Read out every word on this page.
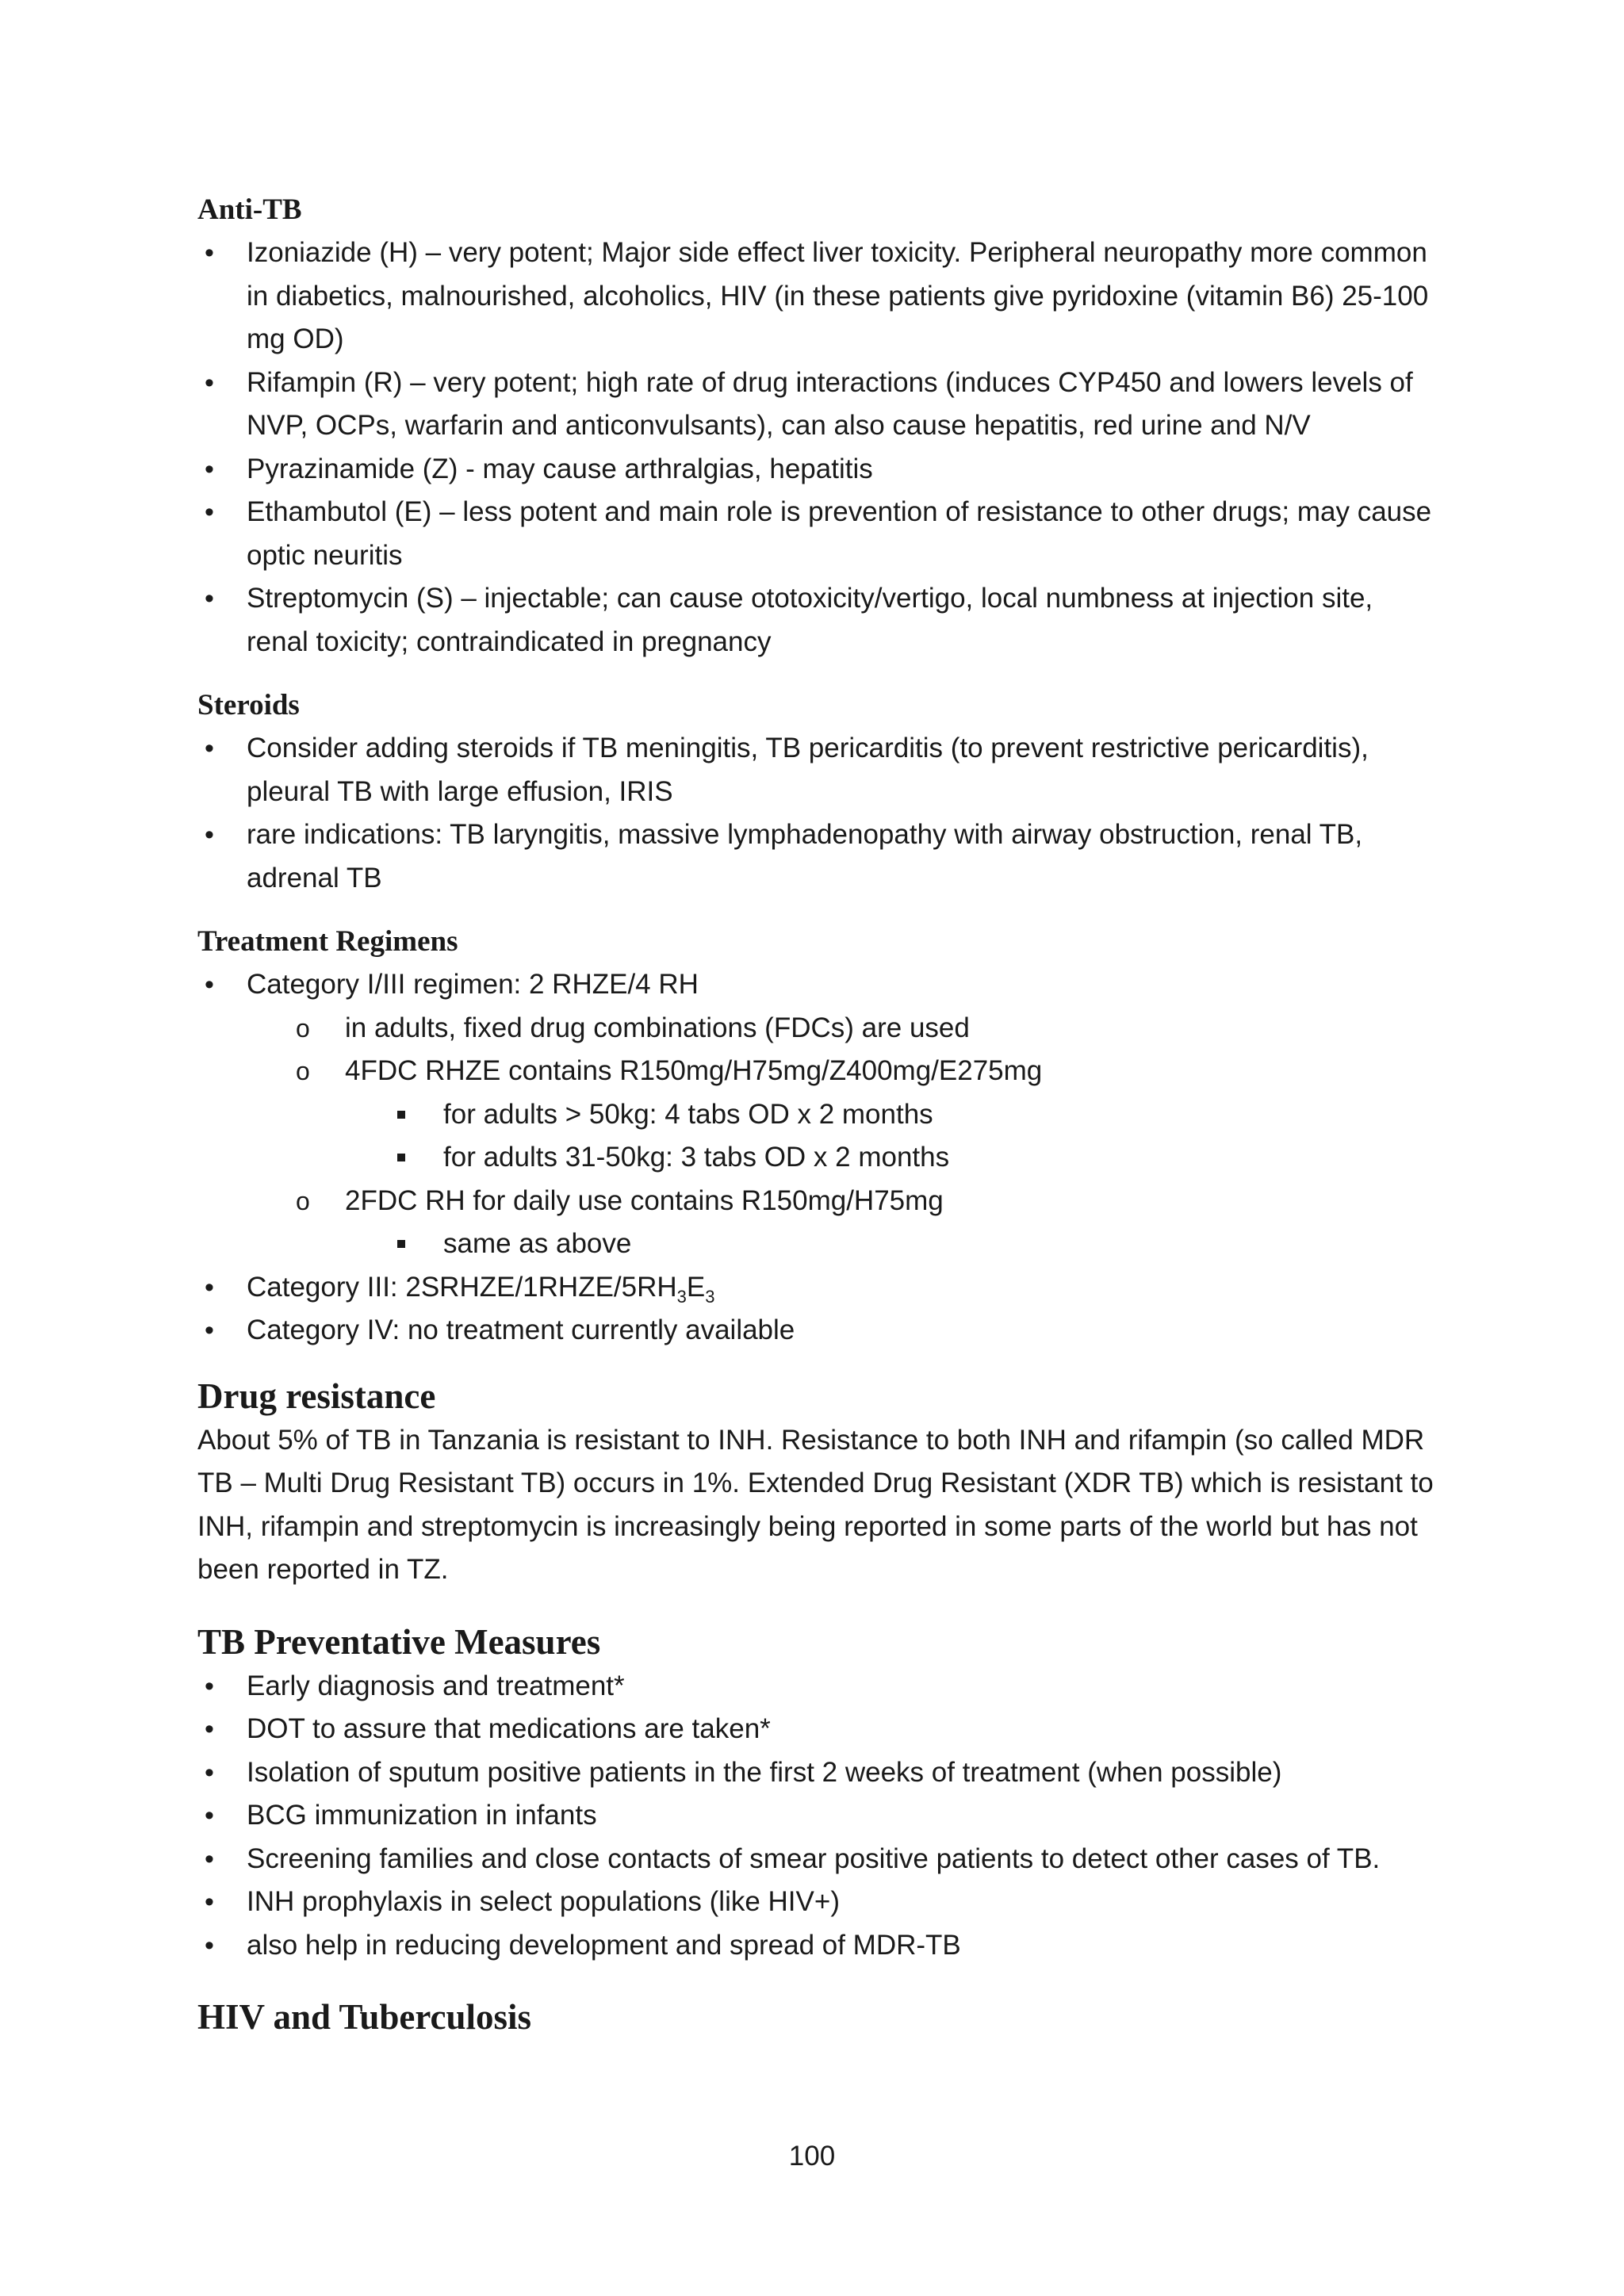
Anti-TB
• Izoniazide (H) – very potent; Major side effect liver toxicity. Peripheral neuropathy more common in diabetics, malnourished, alcoholics, HIV (in these patients give pyridoxine (vitamin B6) 25-100 mg OD)
• Rifampin (R) – very potent; high rate of drug interactions (induces CYP450 and lowers levels of NVP, OCPs, warfarin and anticonvulsants), can also cause hepatitis, red urine and N/V
• Pyrazinamide (Z) - may cause arthralgias, hepatitis
• Ethambutol (E) – less potent and main role is prevention of resistance to other drugs; may cause optic neuritis
• Streptomycin (S) – injectable; can cause ototoxicity/vertigo, local numbness at injection site, renal toxicity; contraindicated in pregnancy
Steroids
• Consider adding steroids if TB meningitis, TB pericarditis (to prevent restrictive pericarditis), pleural TB with large effusion, IRIS
• rare indications: TB laryngitis, massive lymphadenopathy with airway obstruction, renal TB, adrenal TB
Treatment Regimens
• Category I/III regimen: 2 RHZE/4 RH
o in adults, fixed drug combinations (FDCs) are used
o 4FDC RHZE contains R150mg/H75mg/Z400mg/E275mg
for adults > 50kg: 4 tabs OD x 2 months
for adults 31-50kg: 3 tabs OD x 2 months
o 2FDC RH for daily use contains R150mg/H75mg
same as above
• Category III: $2SRHZE/1RHZE/5RH_3E_3$
• Category IV: no treatment currently available
Drug resistance

About 5% of TB in Tanzania is resistant to INH. Resistance to both INH and rifampin (so called MDR TB – Multi Drug Resistant TB) occurs in 1%. Extended Drug Resistant (XDR TB) which is resistant to INH, rifampin and streptomycin is increasingly being reported in some parts of the world but has not been reported in TZ.

TB Preventative Measures
• Early diagnosis and treatment*
• DOT to assure that medications are taken*
• Isolation of sputum positive patients in the first 2 weeks of treatment (when possible)
• BCG immunization in infants
• Screening families and close contacts of smear positive patients to detect other cases of TB.
• INH prophylaxis in select populations (like HIV+)
• also help in reducing development and spread of MDR-TB
HIV and Tuberculosis
100
